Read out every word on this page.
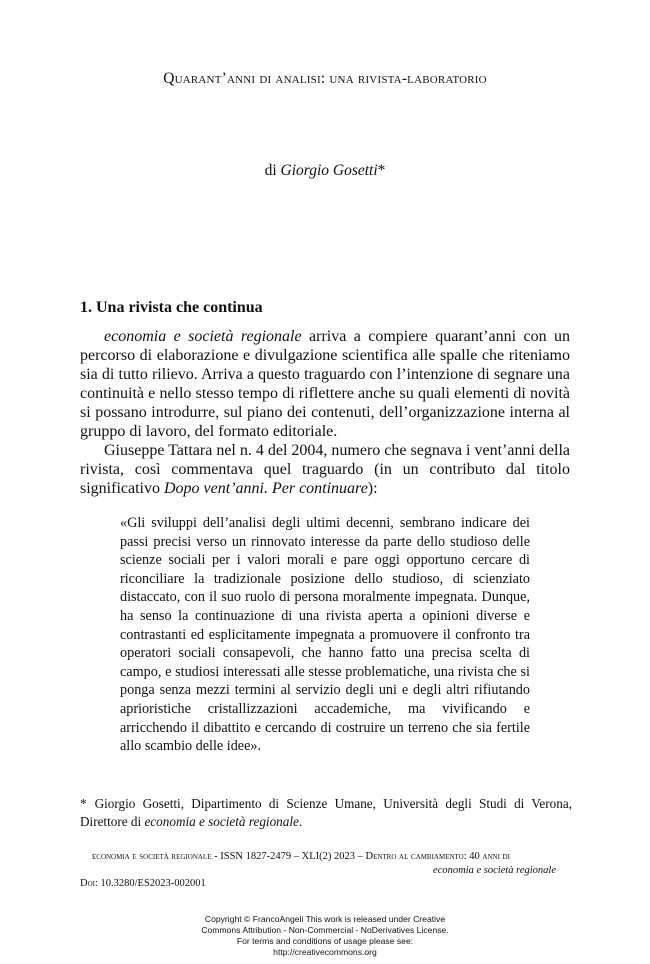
Quarant’anni di analisi: una rivista-laboratorio
di Giorgio Gosetti*
1. Una rivista che continua

economia e società regionale arriva a compiere quarant’anni con un percorso di elaborazione e divulgazione scientifica alle spalle che riteniamo sia di tutto rilievo. Arriva a questo traguardo con l’intenzione di segnare una continuità e nello stesso tempo di riflettere anche su quali elementi di novità si possano introdurre, sul piano dei contenuti, dell’organizzazione interna al gruppo di lavoro, del formato editoriale.

Giuseppe Tattara nel n. 4 del 2004, numero che segnava i vent’anni della rivista, così commentava quel traguardo (in un contributo dal titolo significativo Dopo vent’anni. Per continuare):

«Gli sviluppi dell’analisi degli ultimi decenni, sembrano indicare dei passi precisi verso un rinnovato interesse da parte dello studioso delle scienze sociali per i valori morali e pare oggi opportuno cercare di riconciliare la tradizionale posizione dello studioso, di scienziato distaccato, con il suo ruolo di persona moralmente impegnata. Dunque, ha senso la continuazione di una rivista aperta a opinioni diverse e contrastanti ed esplicitamente impegnata a promuovere il confronto tra operatori sociali consapevoli, che hanno fatto una precisa scelta di campo, e studiosi interessati alle stesse problematiche, una rivista che si ponga senza mezzi termini al servizio degli uni e degli altri rifiutando aprioristiche cristallizzazioni accademiche, ma vivificando e arricchendo il dibattito e cercando di costruire un terreno che sia fertile allo scambio delle idee».

* Giorgio Gosetti, Dipartimento di Scienze Umane, Università degli Studi di Verona, Direttore di economia e società regionale.
economia e società regionale - ISSN 1827-2479 – XLI(2) 2023 – Dentro al cambiamento: 40 anni di
economia e società regionale
Doi: 10.3280/ES2023-002001
Copyright © FrancoAngeli This work is released under Creative
Commons Attribution - Non-Commercial - NoDerivatives License.
For terms and conditions of usage please see:
http://creativecommons.org
